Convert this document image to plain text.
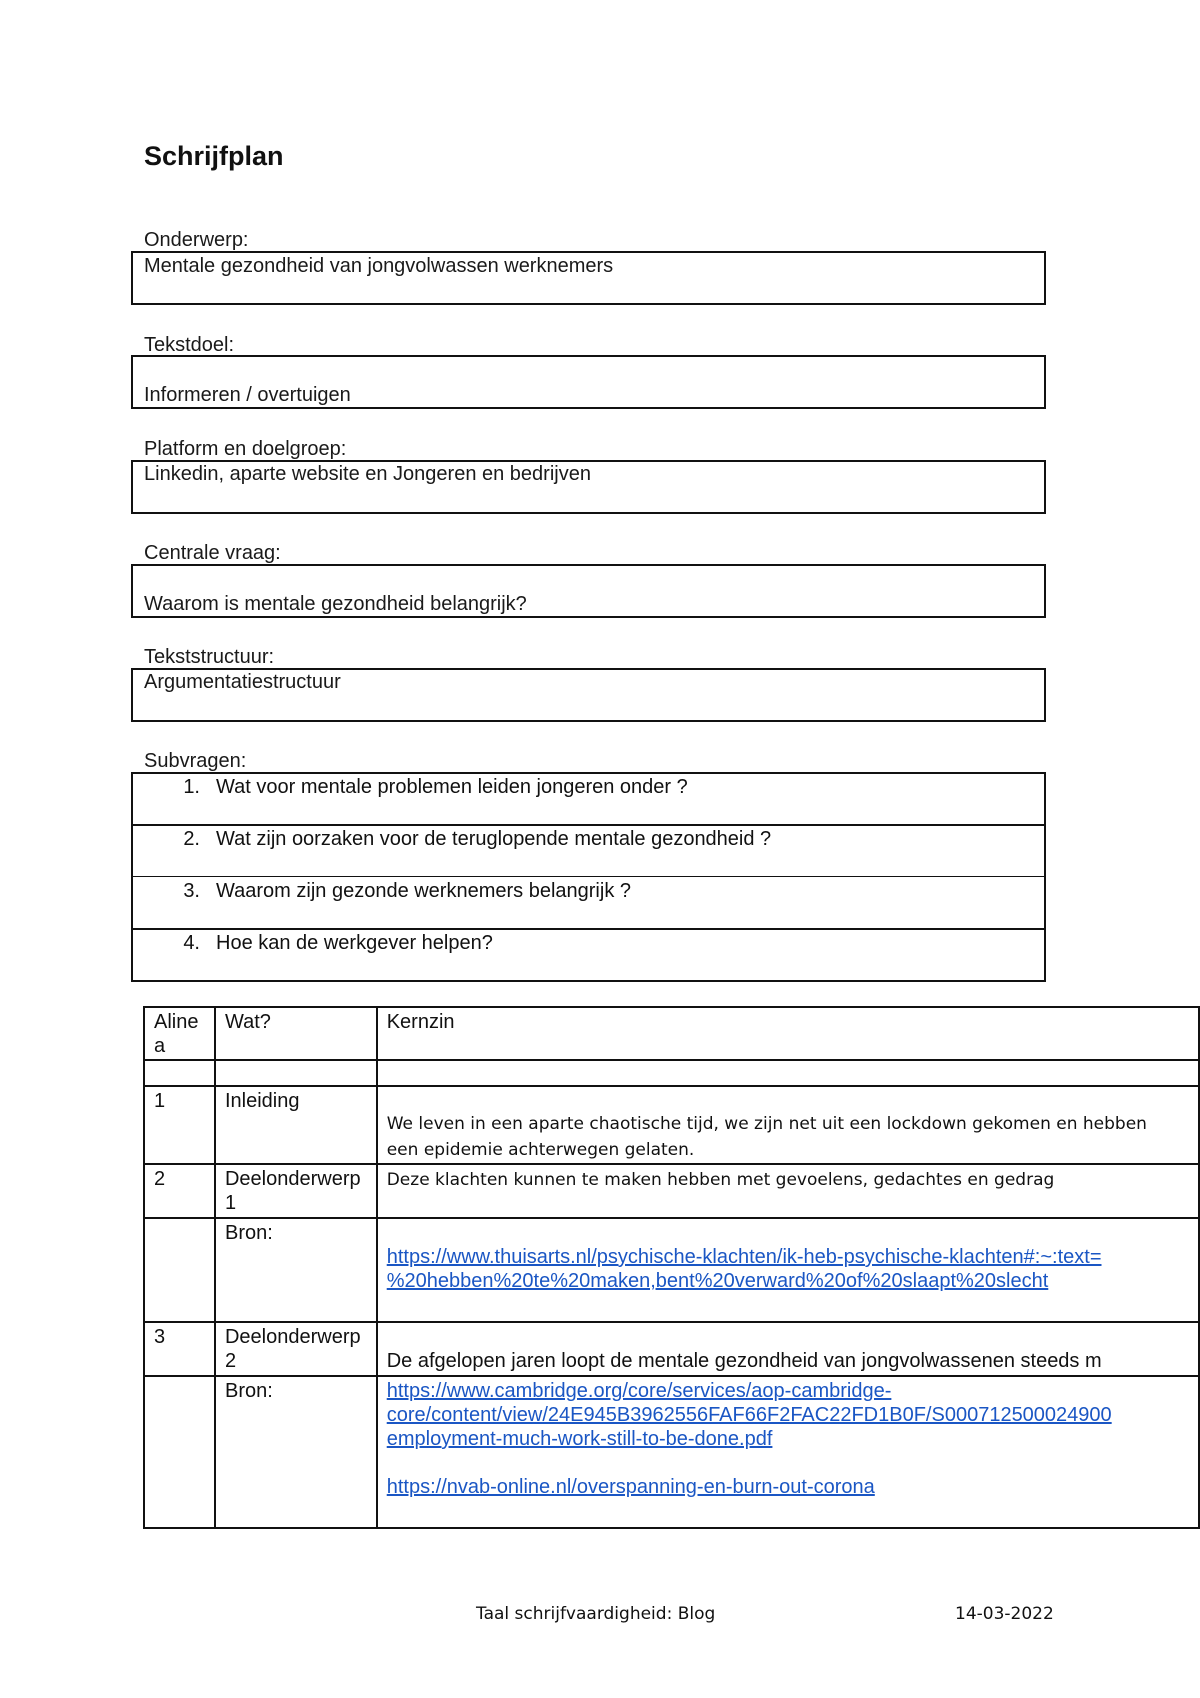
Schrijfplan
Onderwerp:
Mentale gezondheid van jongvolwassen werknemers
Tekstdoel:
Informeren / overtuigen
Platform en doelgroep:
Linkedin, aparte website en Jongeren en bedrijven
Centrale vraag:
Waarom is mentale gezondheid belangrijk?
Tekststructuur:
Argumentatiestructuur
Subvragen:
1. Wat voor mentale problemen leiden jongeren onder ?
2. Wat zijn oorzaken voor de teruglopende mentale gezondheid ?
3. Waarom zijn gezonde werknemers belangrijk ?
4. Hoe kan de werkgever helpen?
Aline a	Wat?	Kernzin

1	Inleiding	We leven in een aparte chaotische tijd, we zijn net uit een lockdown gekomen en hebben
een epidemie achterwegen gelaten.

2	Deelonderwerp 1	Deze klachten kunnen te maken hebben met gevoelens, gedachtes en gedrag

	Bron:	https://www.thuisarts.nl/psychische-klachten/ik-heb-psychische-klachten#:~:text=
%20hebben%20te%20maken,bent%20verward%20of%20slaapt%20slecht

3	Deelonderwerp 2	De afgelopen jaren loopt de mentale gezondheid van jongvolwassenen steeds m

	Bron:	https://www.cambridge.org/core/services/aop-cambridge-
core/content/view/24E945B3962556FAF66F2FAC22FD1B0F/S000712500024900
employment-much-work-still-to-be-done.pdf
https://nvab-online.nl/overspanning-en-burn-out-corona
Taal schrijfvaardigheid: Blog	14-03-2022
